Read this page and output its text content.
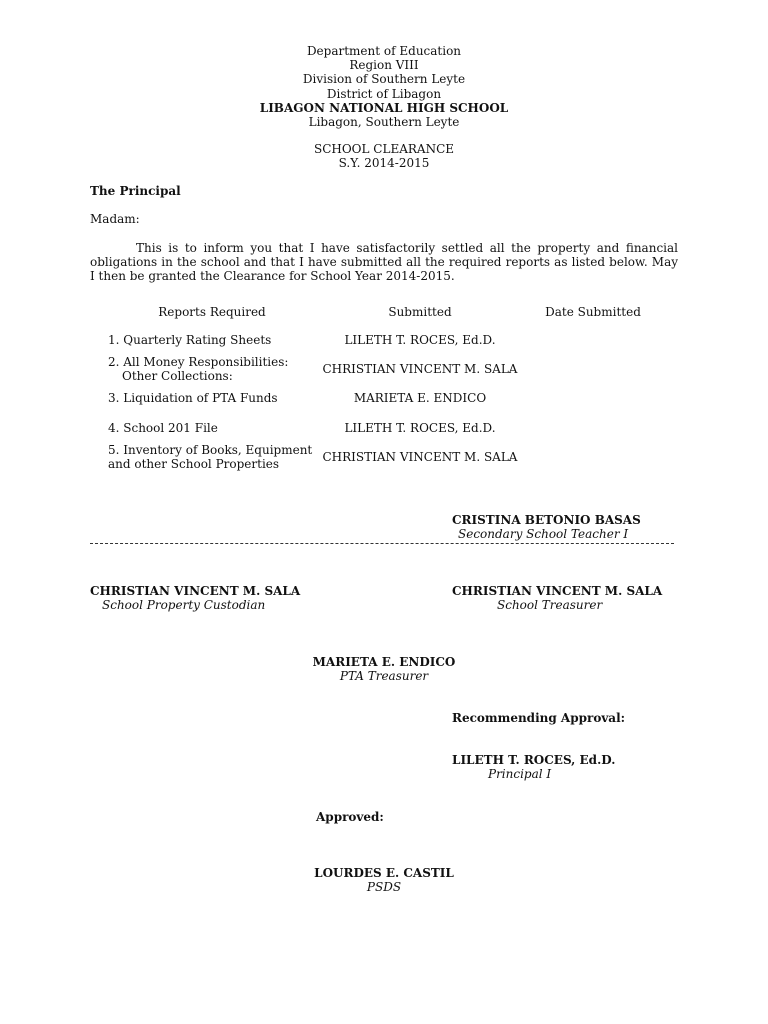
Department of Education
Region VIII
Division of Southern Leyte
District of Libagon
LIBAGON NATIONAL HIGH SCHOOL
Libagon, Southern Leyte
SCHOOL CLEARANCE
S.Y. 2014-2015
The Principal
Madam:
This is to inform you that I have satisfactorily settled all the property and financial obligations in the school and that I have submitted all the required reports as listed below. May I then be granted the Clearance for School Year 2014-2015.
Reports Required	Submitted	Date Submitted
1. Quarterly Rating Sheets	LILETH T. ROCES, Ed.D.
2. All Money Responsibilities:
Other Collections:	CHRISTIAN VINCENT M. SALA
3. Liquidation of PTA Funds	MARIETA E. ENDICO
4. School 201 File	LILETH T. ROCES, Ed.D.
5. Inventory of Books, Equipment
and other School Properties	CHRISTIAN VINCENT M. SALA
CRISTINA BETONIO BASAS
Secondary School Teacher I
CHRISTIAN VINCENT M. SALA
School Property Custodian
CHRISTIAN VINCENT M. SALA
School Treasurer
MARIETA E. ENDICO
PTA Treasurer
Recommending Approval:
LILETH T. ROCES, Ed.D.
Principal I
Approved:
LOURDES E. CASTIL
PSDS
